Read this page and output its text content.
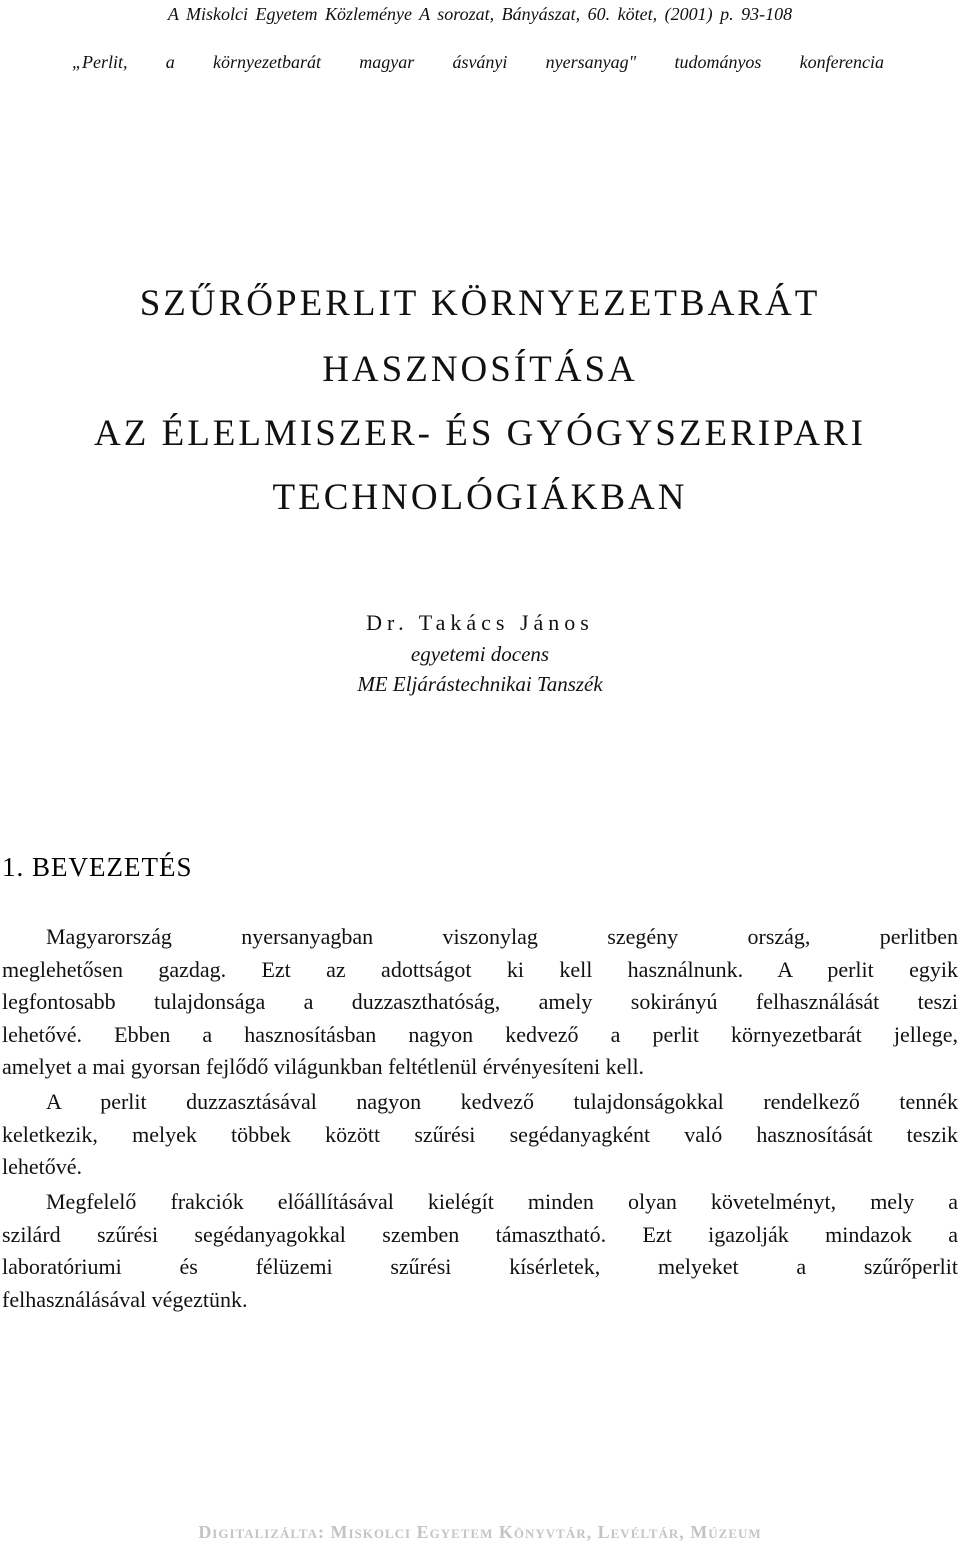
A Miskolci Egyetem Közleménye A sorozat, Bányászat, 60. kötet, (2001) p. 93-108
„Perlit, a környezetbarát magyar ásványi nyersanyag" tudományos konferencia
SZŰRŐPERLIT KÖRNYEZETBARÁT
HASZNOSÍTÁSA
AZ ÉLELMISZER- ÉS GYÓGYSZERIPARI
TECHNOLÓGIÁKBAN
Dr. Takács János
egyetemi docens
ME Eljárástechnikai Tanszék
1. BEVEZETÉS
Magyarország nyersanyagban viszonylag szegény ország, perlitben
meglehetősen gazdag. Ezt az adottságot ki kell használnunk. A perlit egyik
legfontosabb tulajdonsága a duzzaszthatóság, amely sokirányú felhasználását teszi
lehetővé. Ebben a hasznosításban nagyon kedvező a perlit környezetbarát jellege,
amelyet a mai gyorsan fejlődő világunkban feltétlenül érvényesíteni kell.
A perlit duzzasztásával nagyon kedvező tulajdonságokkal rendelkező tennék
keletkezik, melyek többek között szűrési segédanyagként való hasznosítását teszik
lehetővé.
Megfelelő frakciók előállításával kielégít minden olyan követelményt, mely a
szilárd szűrési segédanyagokkal szemben támasztható. Ezt igazolják mindazok a
laboratóriumi és félüzemi szűrési kísérletek, melyeket a szűrőperlit
felhasználásával végeztünk.
Digitalizálta: Miskolci Egyetem Könyvtár, Levéltár, Múzeum
